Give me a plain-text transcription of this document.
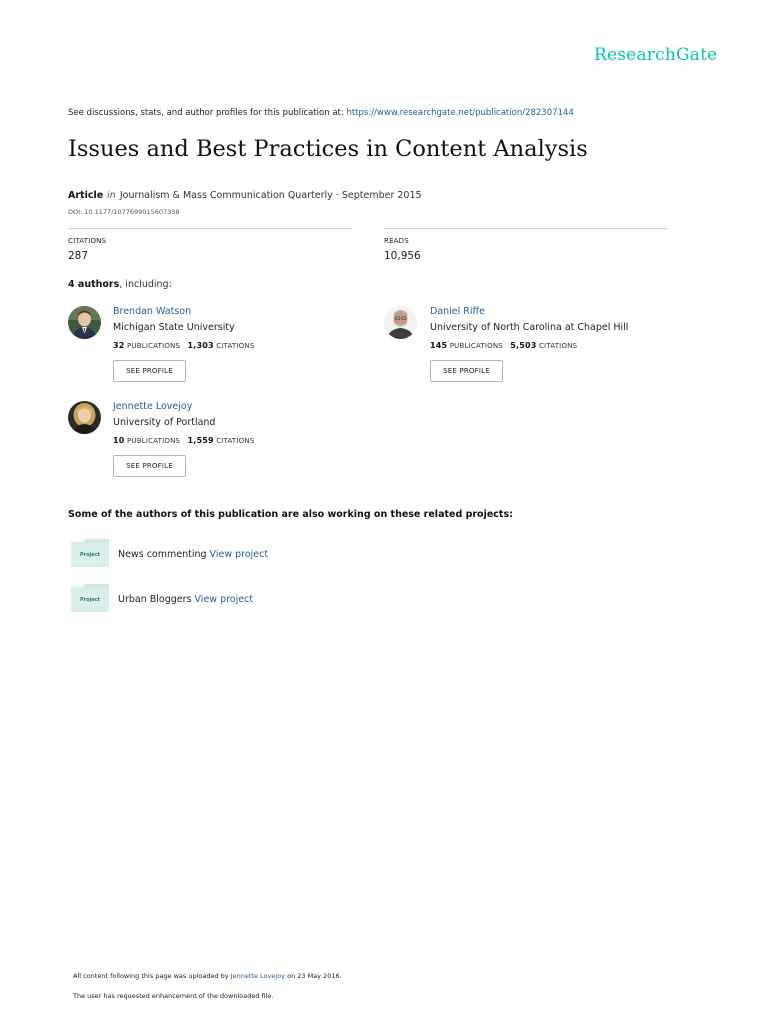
ResearchGate
See discussions, stats, and author profiles for this publication at: https://www.researchgate.net/publication/282307144
Issues and Best Practices in Content Analysis
Article in Journalism & Mass Communication Quarterly · September 2015
DOI: 10.1177/1077699015607338
CITATIONS
287
READS
10,956
4 authors, including:
Brendan Watson
Michigan State University
32 PUBLICATIONS 1,303 CITATIONS
SEE PROFILE
Daniel Riffe
University of North Carolina at Chapel Hill
145 PUBLICATIONS 5,503 CITATIONS
SEE PROFILE
Jennette Lovejoy
University of Portland
10 PUBLICATIONS 1,559 CITATIONS
SEE PROFILE
Some of the authors of this publication are also working on these related projects:
Project	News commenting View project
Project	Urban Bloggers View project
All content following this page was uploaded by Jennette Lovejoy on 23 May 2016.
The user has requested enhancement of the downloaded file.
